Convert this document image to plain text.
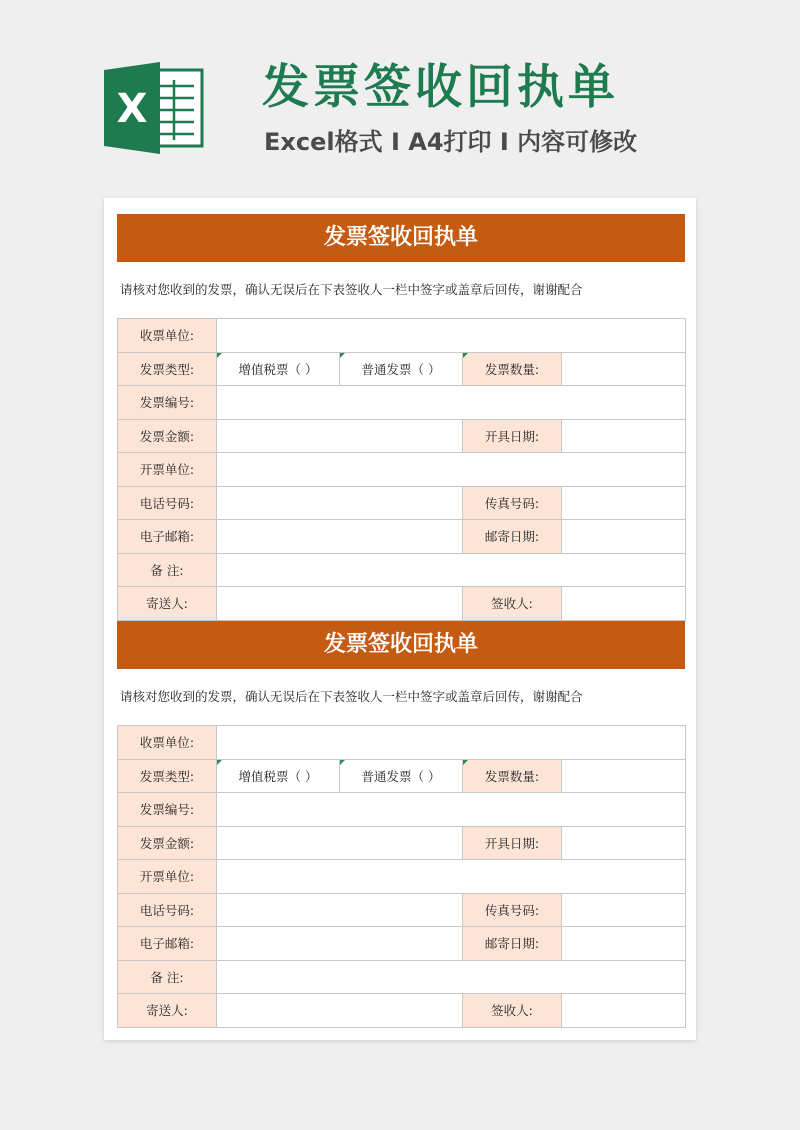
X 发票签收回执单
Excel格式 I A4打印 I 内容可修改
发票签收回执单
请核对您收到的发票，确认无误后在下表签收人一栏中签字或盖章后回传，谢谢配合
收票单位:				
发票类型:	增值税票（ ）	普通发票（ ）	发票数量:	
发票编号:				
发票金额:			开具日期:	
开票单位:				
电话号码:			传真号码:	
电子邮箱:			邮寄日期:	
备 注:				
寄送人:			签收人:	
发票签收回执单
请核对您收到的发票，确认无误后在下表签收人一栏中签字或盖章后回传，谢谢配合
收票单位:				
发票类型:	增值税票（ ）	普通发票（ ）	发票数量:	
发票编号:				
发票金额:			开具日期:	
开票单位:				
电话号码:			传真号码:	
电子邮箱:			邮寄日期:	
备 注:				
寄送人:			签收人:	
